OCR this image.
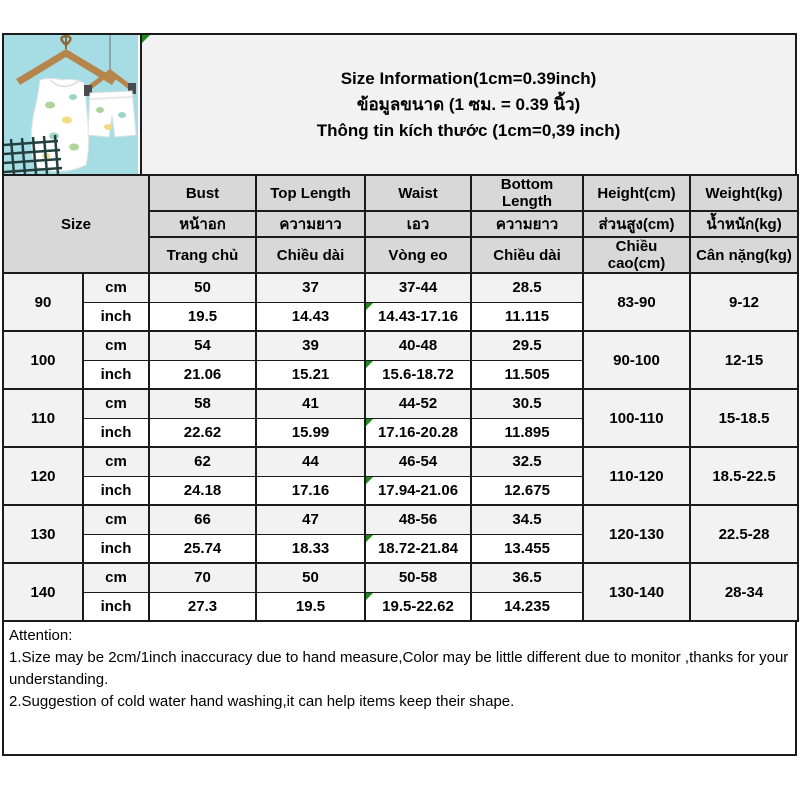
Size Information(1cm=0.39inch)
ข้อมูลขนาด (1 ซม. = 0.39 นิ้ว)
Thông tin kích thước (1cm=0,39 inch)
Size		Bust	Top Length	Waist	Bottom Length	Height(cm)	Weight(kg)
		หน้าอก	ความยาว	เอว	ความยาว	ส่วนสูง(cm)	น้ำหนัก(kg)
		Trang chủ	Chiều dài	Vòng eo	Chiều dài	Chiều cao(cm)	Cân nặng(kg)
90	cm	50	37	37-44	28.5	83-90	9-12
	inch	19.5	14.43	14.43-17.16	11.115		
100	cm	54	39	40-48	29.5	90-100	12-15
	inch	21.06	15.21	15.6-18.72	11.505		
110	cm	58	41	44-52	30.5	100-110	15-18.5
	inch	22.62	15.99	17.16-20.28	11.895		
120	cm	62	44	46-54	32.5	110-120	18.5-22.5
	inch	24.18	17.16	17.94-21.06	12.675		
130	cm	66	47	48-56	34.5	120-130	22.5-28
	inch	25.74	18.33	18.72-21.84	13.455		
140	cm	70	50	50-58	36.5	130-140	28-34
	inch	27.3	19.5	19.5-22.62	14.235		
Attention:
1.Size may be 2cm/1inch inaccuracy due to hand measure,Color may be little different due to monitor ,thanks for your understanding.
2.Suggestion of cold water hand washing,it can help items keep their shape.
